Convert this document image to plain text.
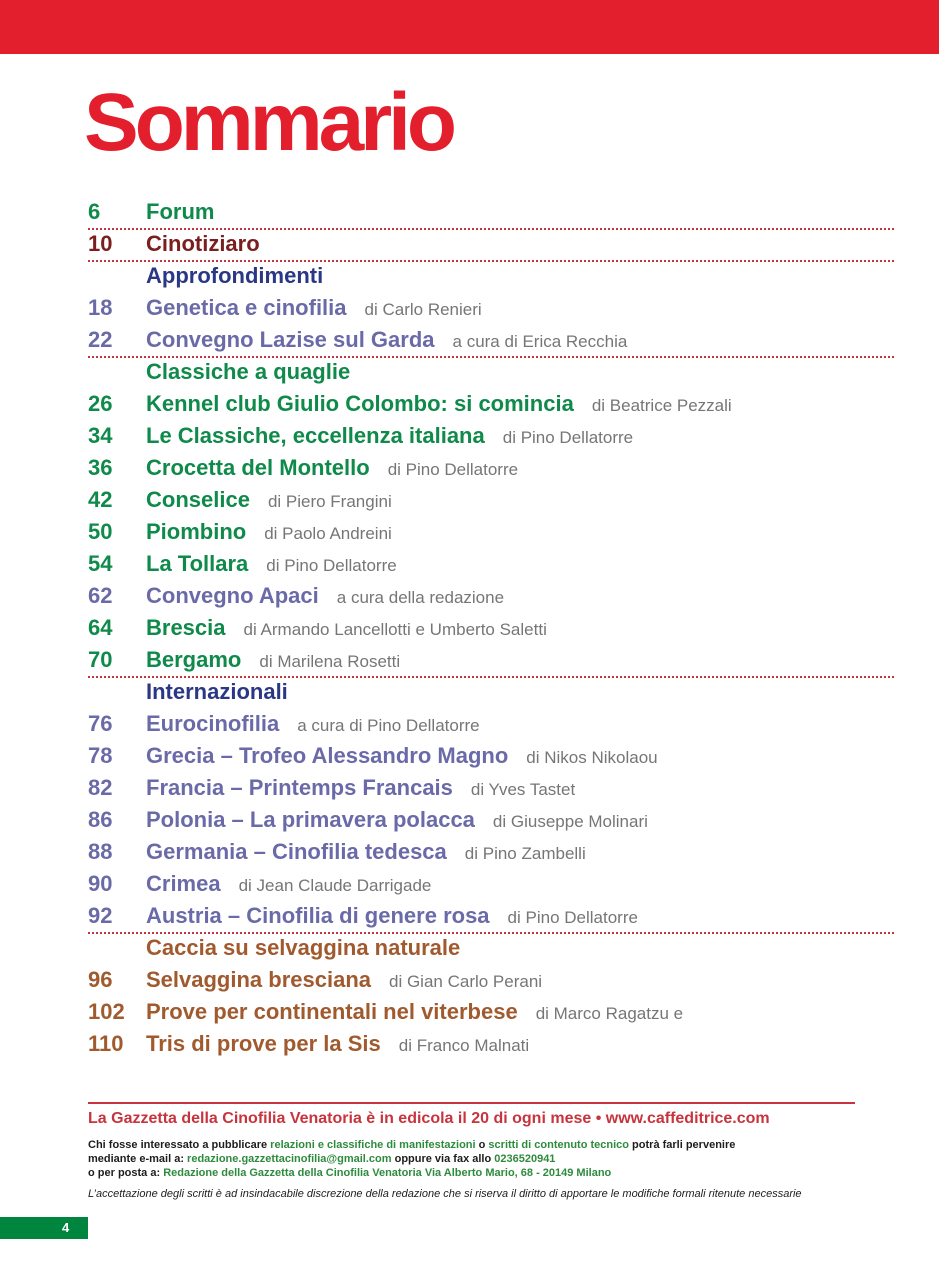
Sommario
6 Forum
10 Cinotiziaro
Approfondimenti
18 Genetica e cinofilia di Carlo Renieri
22 Convegno Lazise sul Garda a cura di Erica Recchia
Classiche a quaglie
26 Kennel club Giulio Colombo: si comincia di Beatrice Pezzali
34 Le Classiche, eccellenza italiana di Pino Dellatorre
36 Crocetta del Montello di Pino Dellatorre
42 Conselice di Piero Frangini
50 Piombino di Paolo Andreini
54 La Tollara di Pino Dellatorre
62 Convegno Apaci a cura della redazione
64 Brescia di Armando Lancellotti e Umberto Saletti
70 Bergamo di Marilena Rosetti
Internazionali
76 Eurocinofilia a cura di Pino Dellatorre
78 Grecia – Trofeo Alessandro Magno di Nikos Nikolaou
82 Francia – Printemps Francais di Yves Tastet
86 Polonia – La primavera polacca di Giuseppe Molinari
88 Germania – Cinofilia tedesca di Pino Zambelli
90 Crimea di Jean Claude Darrigade
92 Austria – Cinofilia di genere rosa di Pino Dellatorre
Caccia su selvaggina naturale
96 Selvaggina bresciana di Gian Carlo Perani
102 Prove per continentali nel viterbese di Marco Ragatzu e
110 Tris di prove per la Sis di Franco Malnati
La Gazzetta della Cinofilia Venatoria è in edicola il 20 di ogni mese • www.caffeditrice.com
Chi fosse interessato a pubblicare relazioni e classifiche di manifestazioni o scritti di contenuto tecnico potrà farli pervenire
mediante e-mail a: redazione.gazzettacinofilia@gmail.com oppure via fax allo 0236520941
o per posta a: Redazione della Gazzetta della Cinofilia Venatoria Via Alberto Mario, 68 - 20149 Milano
L’accettazione degli scritti è ad insindacabile discrezione della redazione che si riserva il diritto di apportare le modifiche formali ritenute necessarie
4
